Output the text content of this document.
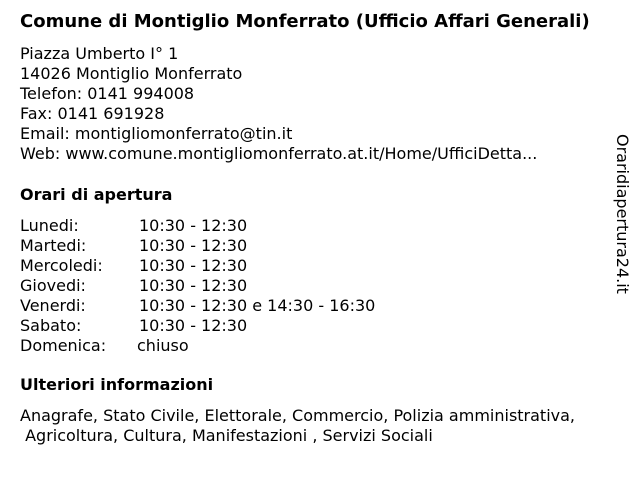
Comune di Montiglio Monferrato (Ufficio Affari Generali)
Piazza Umberto I° 1
14026 Montiglio Monferrato
Telefon: 0141 994008
Fax: 0141 691928
Email: montigliomonferrato@tin.it
Web: www.comune.montigliomonferrato.at.it/Home/UfficiDetta...
Orari di apertura
Lunedi:	10:30 - 12:30
Martedi:	10:30 - 12:30
Mercoledi:	10:30 - 12:30
Giovedi:	10:30 - 12:30
Venerdi:	10:30 - 12:30 e 14:30 - 16:30
Sabato:	10:30 - 12:30
Domenica:	chiuso
Ulteriori informazioni
Anagrafe, Stato Civile, Elettorale, Commercio, Polizia amministrativa,
Agricoltura, Cultura, Manifestazioni , Servizi Sociali
Oraridiapertura24.it
